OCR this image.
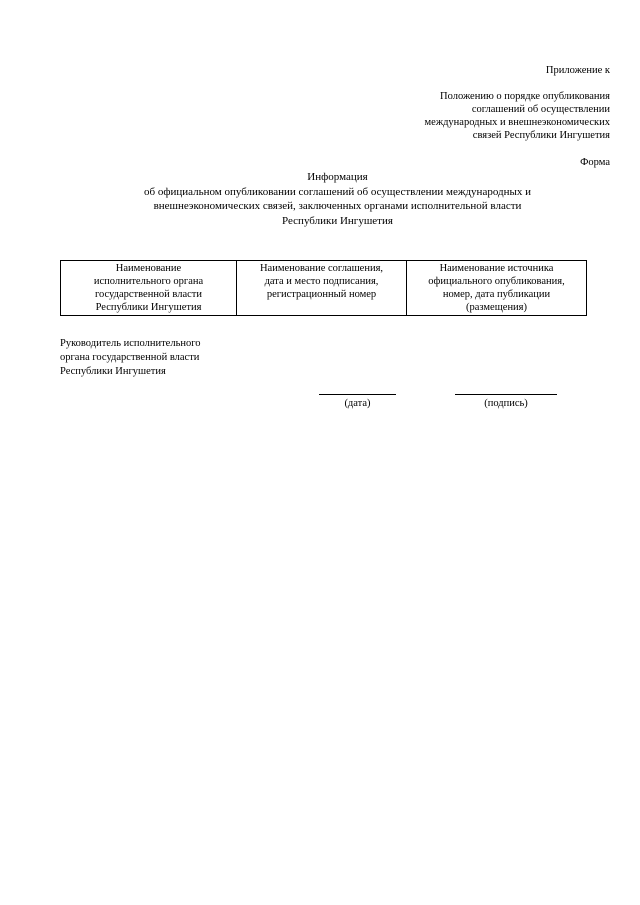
Приложение к
Положению о порядке опубликования
соглашений об осуществлении
международных и внешнеэкономических
связей Республики Ингушетия
Форма
Информация
об официальном опубликовании соглашений об осуществлении международных и
внешнеэкономических связей, заключенных органами исполнительной власти
Республики Ингушетия
Наименование
исполнительного органа
государственной власти
Республики Ингушетия

Наименование соглашения,
дата и место подписания,
регистрационный номер

Наименование источника
официального опубликования,
номер, дата публикации
(размещения)
Руководитель исполнительного
органа государственной власти
Республики Ингушетия
(дата)	(подпись)
